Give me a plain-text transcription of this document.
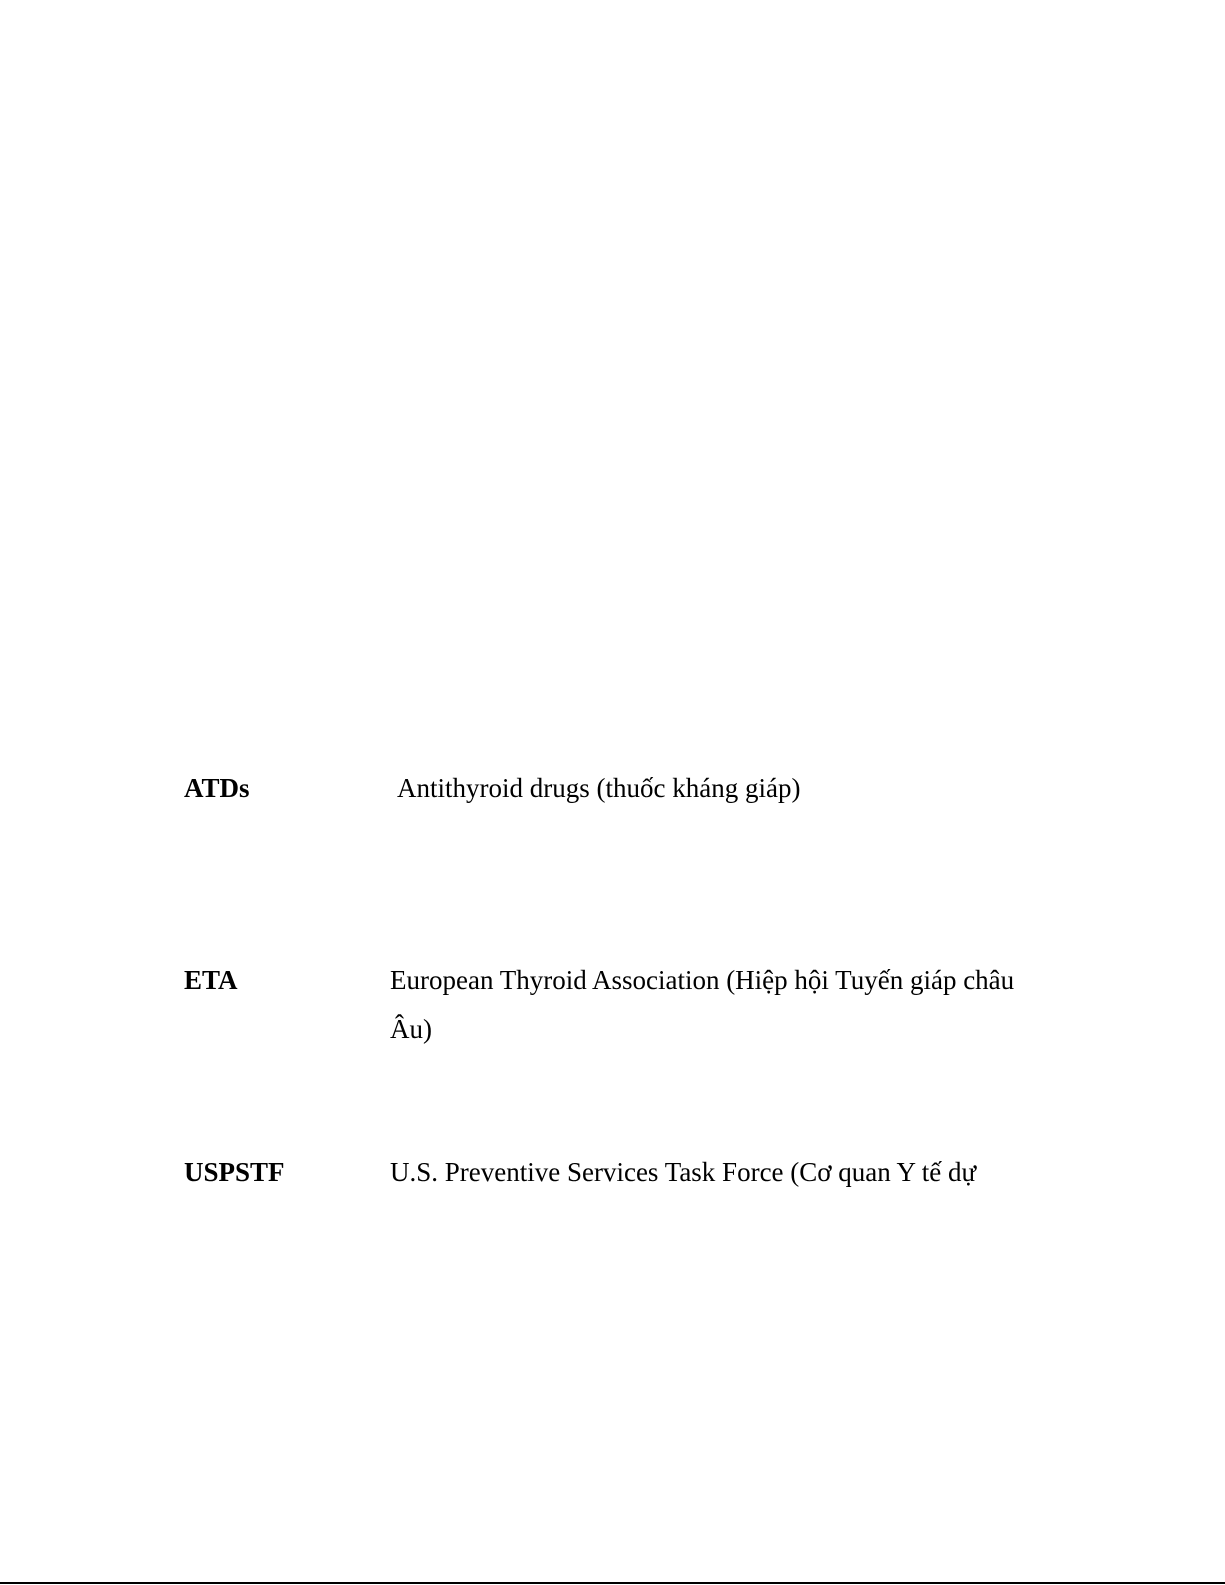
ATDs	Antithyroid drugs (thuốc kháng giáp)
ETA	European Thyroid Association (Hiệp hội Tuyến giáp châu Âu)
USPSTF	U.S. Preventive Services Task Force (Cơ quan Y tế dự
